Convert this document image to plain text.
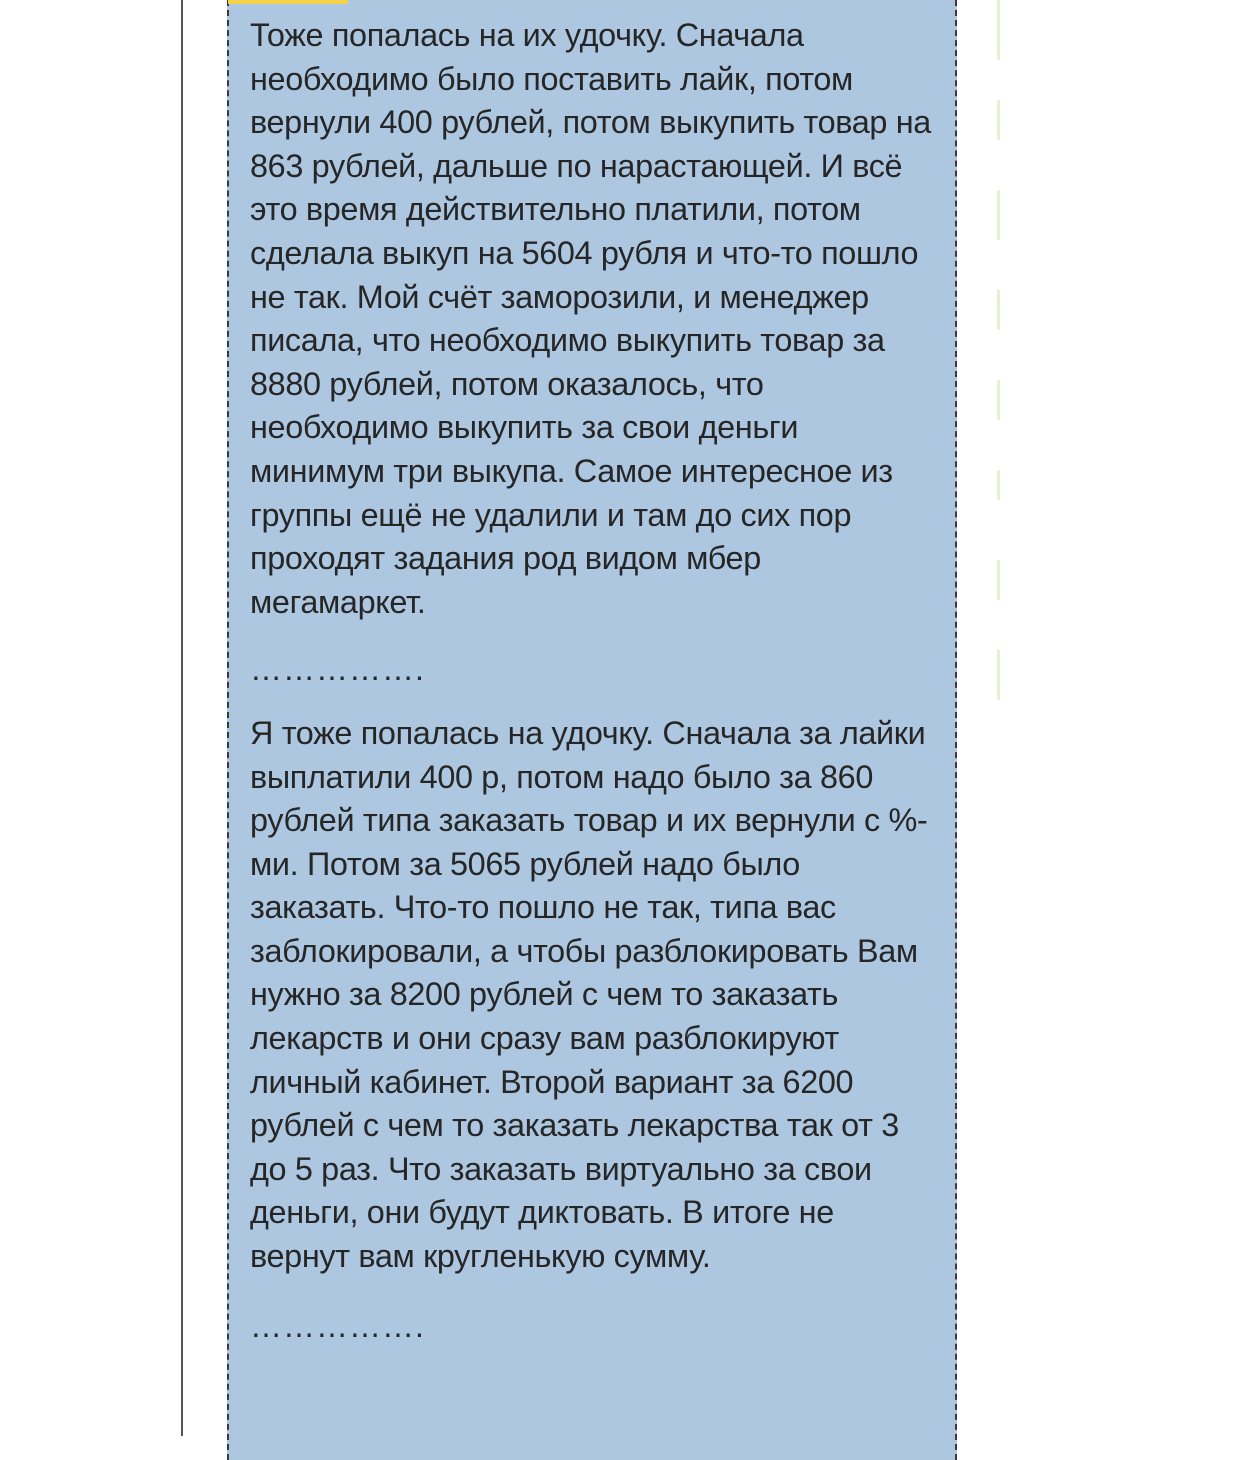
Тоже попалась на их удочку. Сначала необходимо было поставить лайк, потом вернули 400 рублей, потом выкупить товар на 863 рублей, дальше по нарастающей. И всё это время действительно платили, потом сделала выкуп на 5604 рубля и что-то пошло не так. Мой счёт заморозили, и менеджер писала, что необходимо выкупить товар за 8880 рублей, потом оказалось, что необходимо выкупить за свои деньги минимум три выкупа. Самое интересное из группы ещё не удалили и там до сих пор проходят задания род видом мбер мегамаркет.

…………….

Я тоже попалась на удочку. Сначала за лайки выплатили 400 р, потом надо было за 860 рублей типа заказать товар и их вернули с %-ми. Потом за 5065 рублей надо было заказать. Что-то пошло не так, типа вас заблокировали, а чтобы разблокировать Вам нужно за 8200 рублей с чем то заказать лекарств и они сразу вам разблокируют личный кабинет. Второй вариант за 6200 рублей с чем то заказать лекарства так от 3 до 5 раз. Что заказать виртуально за свои деньги, они будут диктовать. В итоге не вернут вам кругленькую сумму.

…………….
